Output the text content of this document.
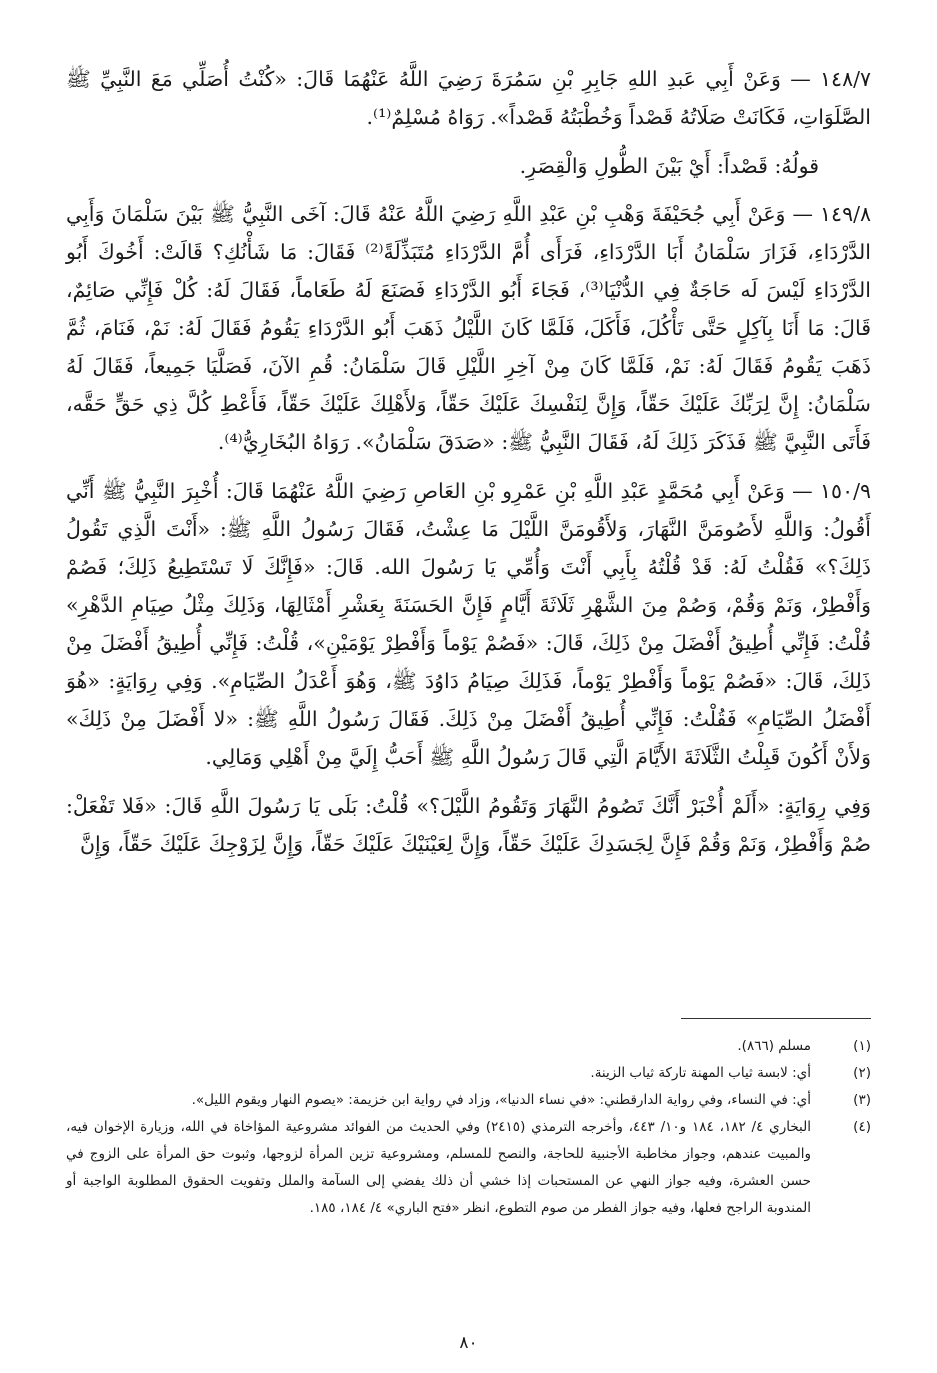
١٤٨/٧ — وَعَنْ أَبِي عَبدِ اللهِ جَابِرِ بْنِ سَمُرَةَ رَضِيَ اللَّهُ عَنْهُمَا قَالَ: «كُنْتُ أُصَلِّي مَعَ النَّبِيِّ ﷺ الصَّلَوَاتِ، فَكَانَتْ صَلَاتُهُ قَصْداً وَخُطْبَتُهُ قَصْداً». رَوَاهُ مُسْلِمٌ⁽¹⁾.

قولُهُ: قَصْداً: أَيْ بَيْنَ الطُّولِ وَالْقِصَرِ.

١٤٩/٨ — وَعَنْ أَبِي جُحَيْفَةَ وَهْبِ بْنِ عَبْدِ اللَّهِ رَضِيَ اللَّهُ عَنْهُ قَالَ: آخَى النَّبِيُّ ﷺ بَيْنَ سَلْمَانَ وَأَبِي الدَّرْدَاءِ، فَزَارَ سَلْمَانُ أَبَا الدَّرْدَاءِ، فَرَأَى أُمَّ الدَّرْدَاءِ مُتَبَذِّلَةً⁽²⁾ فَقَالَ: مَا شَأْنُكِ؟ قَالَتْ: أَخُوكَ أَبُو الدَّرْدَاءِ لَيْسَ لَه حَاجَةٌ فِي الدُّنْيَا⁽³⁾، فَجَاءَ أَبُو الدَّرْدَاءِ فَصَنَعَ لَهُ طَعَاماً، فَقَالَ لَهُ: كُلْ فَإِنِّي صَائِمٌ، قَالَ: مَا أَنَا بِآكِلٍ حَتَّى تَأْكُلَ، فَأَكَلَ، فَلَمَّا كَانَ اللَّيْلُ ذَهَبَ أَبُو الدَّرْدَاءِ يَقُومُ فَقَالَ لَهُ: نَمْ، فَنَامَ، ثُمَّ ذَهَبَ يَقُومُ فَقَالَ لَهُ: نَمْ، فَلَمَّا كَانَ مِنْ آخِرِ اللَّيْلِ قَالَ سَلْمَانُ: قُمِ الآنَ، فَصَلَّيَا جَمِيعاً، فَقَالَ لَهُ سَلْمَانُ: إِنَّ لِرَبِّكَ عَلَيْكَ حَقّاً، وَإِنَّ لِنَفْسِكَ عَلَيْكَ حَقّاً، وَلأَهْلِكَ عَلَيْكَ حَقّاً، فَأَعْطِ كُلَّ ذِي حَقٍّ حَقَّه، فَأَتَى النَّبِيَّ ﷺ فَذَكَرَ ذَلِكَ لَهُ، فَقَالَ النَّبِيُّ ﷺ: «صَدَقَ سَلْمَانُ». رَوَاهُ البُخَارِيُّ⁽⁴⁾.

١٥٠/٩ — وَعَنْ أَبِي مُحَمَّدٍ عَبْدِ اللَّهِ بْنِ عَمْرِو بْنِ العَاصِ رَضِيَ اللَّهُ عَنْهُمَا قَالَ: أُخْبِرَ النَّبِيُّ ﷺ أَنِّي أَقُولُ: وَاللَّهِ لأَصُومَنَّ النَّهَارَ، وَلأَقُومَنَّ اللَّيْلَ مَا عِشْتُ، فَقَالَ رَسُولُ اللَّهِ ﷺ: «أَنْتَ الَّذِي تَقُولُ ذَلِكَ؟» فَقُلْتُ لَهُ: قَدْ قُلْتُهُ بِأَبِي أَنْتَ وَأُمِّي يَا رَسُولَ الله. قَالَ: «فَإِنَّكَ لَا تَسْتَطِيعُ ذَلِكَ؛ فَصُمْ وَأَفْطِرْ، وَنَمْ وَقُمْ، وَصُمْ مِنَ الشَّهْرِ ثَلَاثَةَ أَيَّامٍ فَإِنَّ الحَسَنَةَ بِعَشْرِ أَمْثَالِهَا، وَذَلِكَ مِثْلُ صِيَامِ الدَّهْرِ» قُلْتُ: فَإِنِّي أُطِيقُ أَفْضَلَ مِنْ ذَلِكَ، قَالَ: «فَصُمْ يَوْماً وَأَفْطِرْ يَوْمَيْنِ»، قُلْتُ: فَإِنِّي أُطِيقُ أَفْضَلَ مِنْ ذَلِكَ، قَالَ: «فَصُمْ يَوْماً وَأَفْطِرْ يَوْماً، فَذَلِكَ صِيَامُ دَاوُدَ ﷺ، وَهُوَ أَعْدَلُ الصِّيَامِ». وَفِي رِوَايَةٍ: «هُوَ أَفْضَلُ الصِّيَامِ» فَقُلْتُ: فَإِنِّي أُطِيقُ أَفْضَلَ مِنْ ذَلِكَ. فَقَالَ رَسُولُ اللَّهِ ﷺ: «لا أَفْضَلَ مِنْ ذَلِكَ» وَلأَنْ أَكُونَ قَبِلْتُ الثَّلَاثَةَ الأَيَّامَ الَّتِي قَالَ رَسُولُ اللَّهِ ﷺ أَحَبُّ إِلَيَّ مِنْ أَهْلِي وَمَالِي.

وَفِي رِوَايَةٍ: «أَلَمْ أُخْبَرْ أَنَّكَ تَصُومُ النَّهَارَ وَتَقُومُ اللَّيْلَ؟» قُلْتُ: بَلَى يَا رَسُولَ اللَّهِ قَالَ: «فَلا تَفْعَلْ: صُمْ وَأَفْطِرْ، وَنَمْ وَقُمْ فَإِنَّ لِجَسَدِكَ عَلَيْكَ حَقّاً، وَإِنَّ لِعَيْنَيْكَ عَلَيْكَ حَقّاً، وَإِنَّ لِزَوْجِكَ عَلَيْكَ حَقّاً، وَإِنَّ

(١)
مسلم (٨٦٦).
(٢)
أي: لابسة ثياب المهنة تاركة ثياب الزينة.
(٣)
أي: في النساء، وفي رواية الدارقطني: «في نساء الدنيا»، وزاد في رواية ابن خزيمة: «يصوم النهار ويقوم الليل».
(٤)
البخاري ٤/ ١٨٢، ١٨٤ و١٠/ ٤٤٣، وأخرجه الترمذي (٢٤١٥) وفي الحديث من الفوائد مشروعية المؤاخاة في الله، وزيارة الإخوان فيه، والمبيت عندهم، وجواز مخاطبة الأجنبية للحاجة، والنصح للمسلم، ومشروعية تزين المرأة لزوجها، وثبوت حق المرأة على الزوج في حسن العشرة، وفيه جواز النهي عن المستحبات إذا خشي أن ذلك يفضي إلى السآمة والملل وتفويت الحقوق المطلوبة الواجبة أو المندوبة الراجح فعلها، وفيه جواز الفطر من صوم التطوع، انظر «فتح الباري» ٤/ ١٨٤، ١٨٥.
٨٠
